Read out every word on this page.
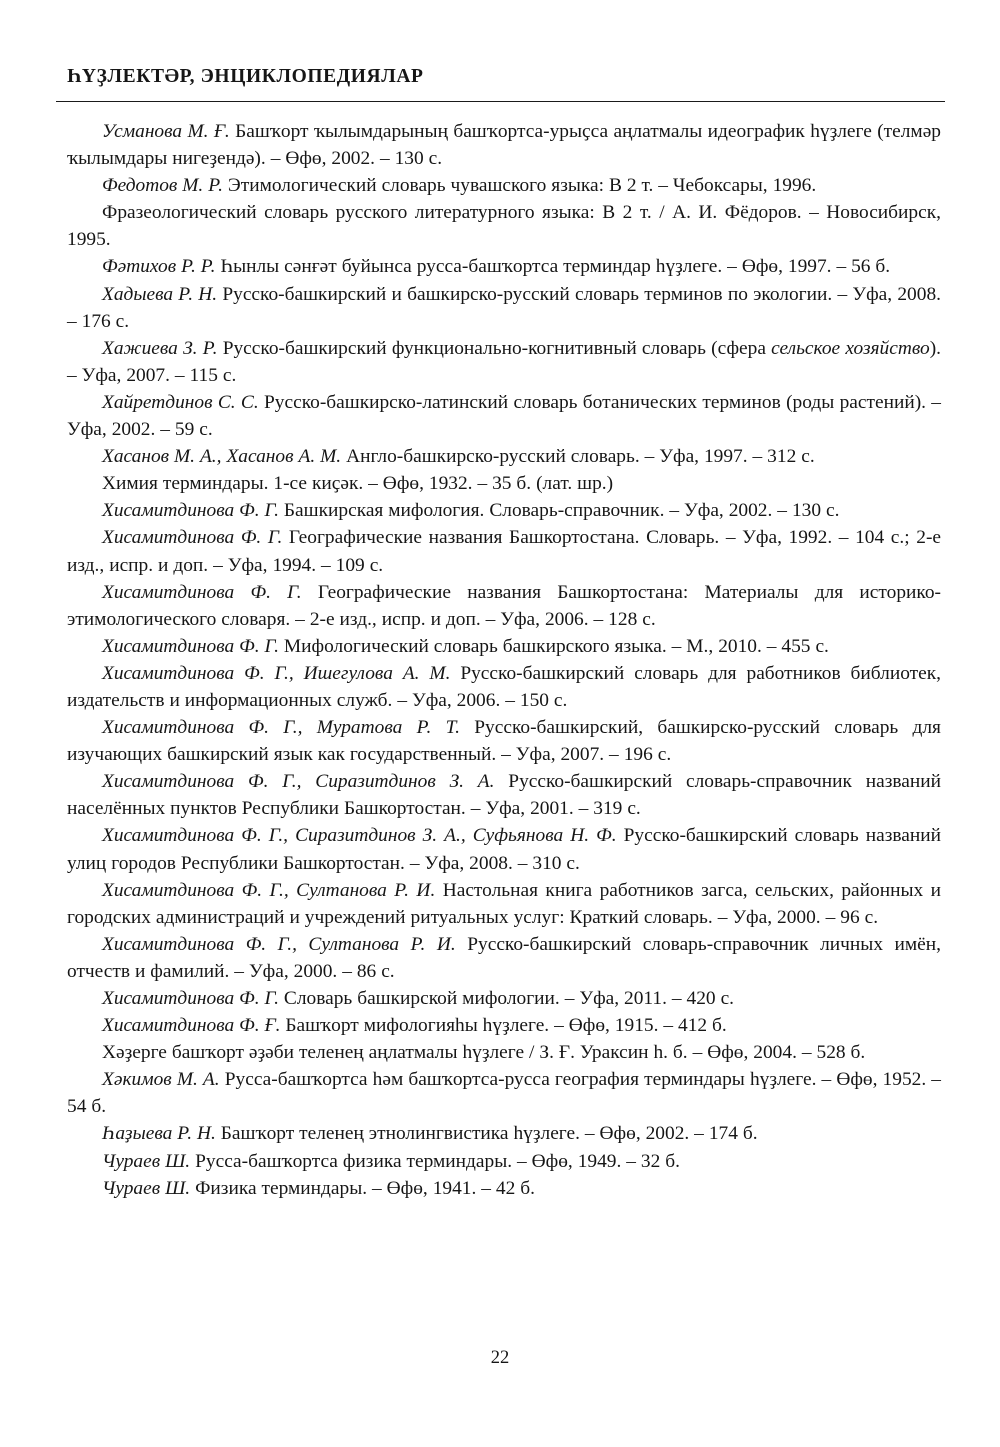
ҺҮҘЛЕКТӘР, ЭНЦИКЛОПЕДИЯЛАР

Усманова М. Ғ. Башҡорт ҡылымдарының башҡортса-урыҫса аңлатмалы идеографик һүҙлеге (телмәр ҡылымдары нигеҙендә). – Өфө, 2002. – 130 с.

Федотов М. Р. Этимологический словарь чувашского языка: В 2 т. – Чебоксары, 1996.

Фразеологический словарь русского литературного языка: В 2 т. / А. И. Фёдоров. – Новосибирск, 1995.

Фәтихов Р. Р. Һынлы сәнғәт буйынса русса-башҡортса терминдар һүҙлеге. – Өфө, 1997. – 56 б.

Хадыева Р. Н. Русско-башкирский и башкирско-русский словарь терминов по экологии. – Уфа, 2008. – 176 с.

Хажиева З. Р. Русско-башкирский функционально-когнитивный словарь (сфера сельское хозяйство). – Уфа, 2007. – 115 с.

Хайретдинов С. С. Русско-башкирско-латинский словарь ботанических терминов (роды растений). – Уфа, 2002. – 59 с.

Хасанов М. А., Хасанов А. М. Англо-башкирско-русский словарь. – Уфа, 1997. – 312 с.

Химия терминдары. 1-се киҫәк. – Өфө, 1932. – 35 б. (лат. шр.)

Хисамитдинова Ф. Г. Башкирская мифология. Словарь-справочник. – Уфа, 2002. – 130 с.

Хисамитдинова Ф. Г. Географические названия Башкортостана. Словарь. – Уфа, 1992. – 104 с.; 2-е изд., испр. и доп. – Уфа, 1994. – 109 с.

Хисамитдинова Ф. Г. Географические названия Башкортостана: Материалы для историко-этимологического словаря. – 2-е изд., испр. и доп. – Уфа, 2006. – 128 с.

Хисамитдинова Ф. Г. Мифологический словарь башкирского языка. – М., 2010. – 455 с.

Хисамитдинова Ф. Г., Ишегулова А. М. Русско-башкирский словарь для работников библиотек, издательств и информационных служб. – Уфа, 2006. – 150 с.

Хисамитдинова Ф. Г., Муратова Р. Т. Русско-башкирский, башкирско-русский словарь для изучающих башкирский язык как государственный. – Уфа, 2007. – 196 с.

Хисамитдинова Ф. Г., Сиразитдинов З. А. Русско-башкирский словарь-справочник названий населённых пунктов Республики Башкортостан. – Уфа, 2001. – 319 с.

Хисамитдинова Ф. Г., Сиразитдинов З. А., Суфьянова Н. Ф. Русско-башкирский словарь названий улиц городов Республики Башкортостан. – Уфа, 2008. – 310 с.

Хисамитдинова Ф. Г., Султанова Р. И. Настольная книга работников загса, сельских, районных и городских администраций и учреждений ритуальных услуг: Краткий словарь. – Уфа, 2000. – 96 с.

Хисамитдинова Ф. Г., Султанова Р. И. Русско-башкирский словарь-справочник личных имён, отчеств и фамилий. – Уфа, 2000. – 86 с.

Хисамитдинова Ф. Г. Словарь башкирской мифологии. – Уфа, 2011. – 420 с.

Хисамитдинова Ф. Ғ. Башҡорт мифологияһы һүҙлеге. – Өфө, 1915. – 412 б.

Хәҙерге башҡорт әҙәби теленең аңлатмалы һүҙлеге / З. Ғ. Ураксин һ. б. – Өфө, 2004. – 528 б.

Хәкимов М. А. Русса-башҡортса һәм башҡортса-русса география терминдары һүҙлеге. – Өфө, 1952. – 54 б.

Һаҙыева Р. Н. Башҡорт теленең этнолингвистика һүҙлеге. – Өфө, 2002. – 174 б.

Чураев Ш. Русса-башҡортса физика терминдары. – Өфө, 1949. – 32 б.

Чураев Ш. Физика терминдары. – Өфө, 1941. – 42 б.

22
